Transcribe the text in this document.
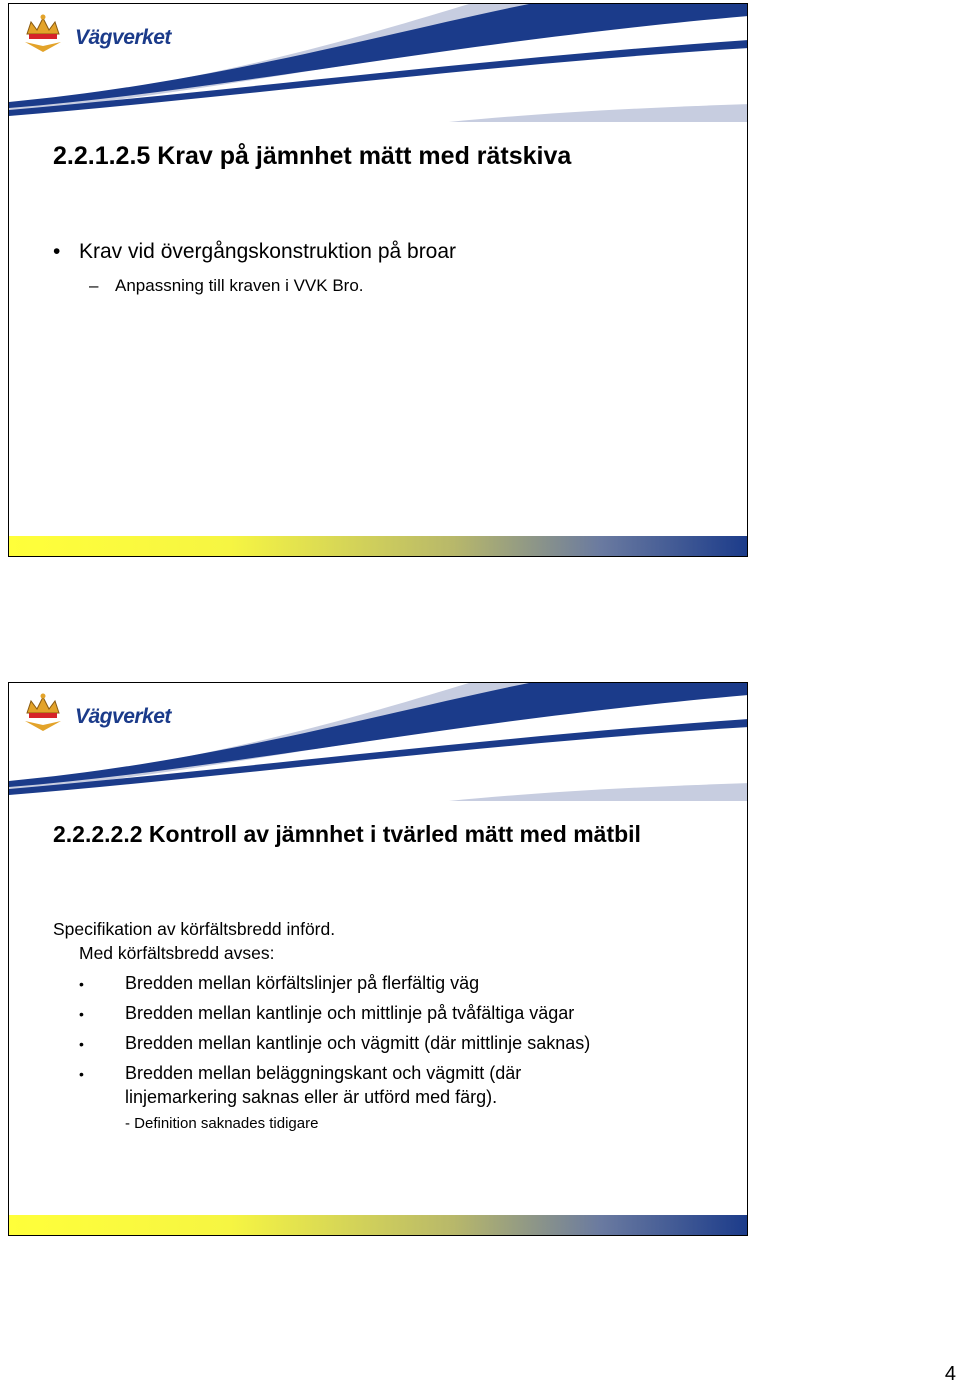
Vägverket
2.2.1.2.5 Krav på jämnhet mätt med rätskiva
• Krav vid övergångskonstruktion på broar
– Anpassning till kraven i VVK Bro.
Vägverket
2.2.2.2.2 Kontroll av jämnhet i tvärled mätt med mätbil
Specifikation av körfältsbredd införd.
Med körfältsbredd avses:
• Bredden mellan körfältslinjer på flerfältig väg
• Bredden mellan kantlinje och mittlinje på tvåfältiga vägar
• Bredden mellan kantlinje och vägmitt (där mittlinje saknas)
• Bredden mellan beläggningskant och vägmitt (där
linjemarkering saknas eller är utförd med färg).
- Definition saknades tidigare
4
